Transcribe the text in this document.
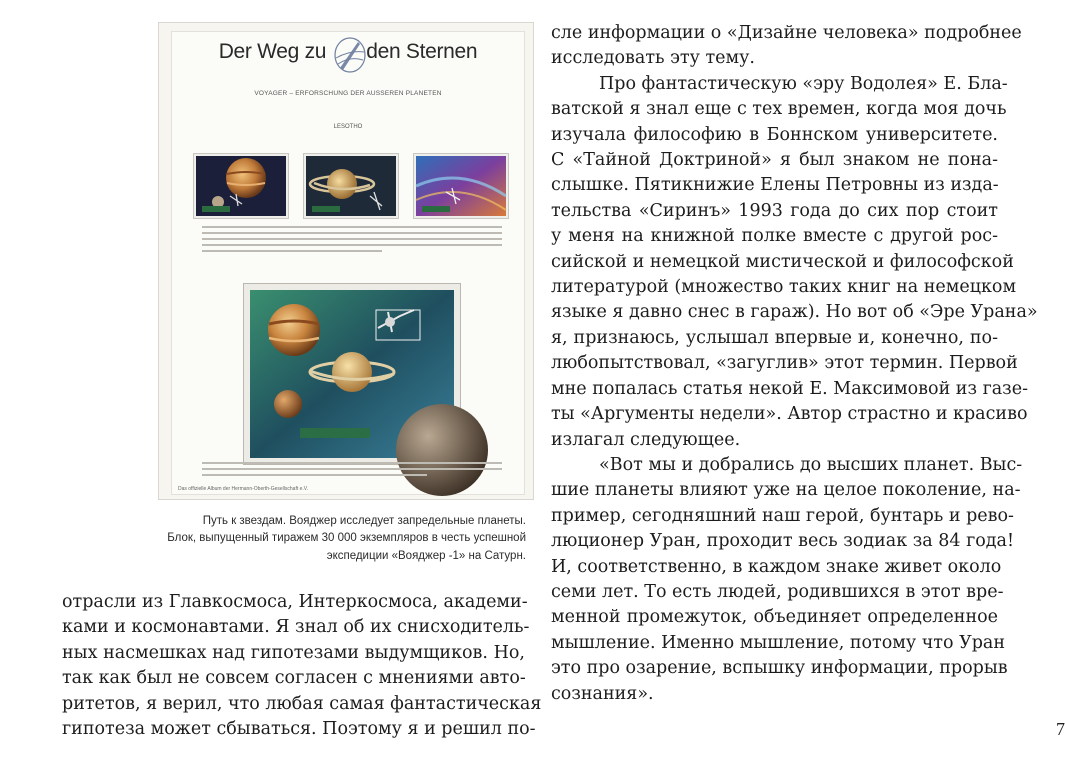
Der Weg zu den Sternen
VOYAGER – ERFORSCHUNG DER AUSSEREN PLANETEN
LESOTHO
Das offizielle Album der Hermann-Oberth-Gesellschaft e.V.
Путь к звездам. Вояджер исследует запредельные планеты.
Блок, выпущенный тиражем 30 000 экземпляров в честь успешной
экспедиции «Вояджер -1» на Сатурн.
отрасли из Главкосмоса, Интеркосмоса, академи-
ками и космонавтами. Я знал об их снисходитель-
ных насмешках над гипотезами выдумщиков. Но,
так как был не совсем согласен с мнениями авто-
ритетов, я верил, что любая самая фантастическая
гипотеза может сбываться. Поэтому я и решил по-
сле информации о «Дизайне человека» подробнее
исследовать эту тему.
Про фантастическую «эру Водолея» Е. Бла-
ватской я знал еще с тех времен, когда моя дочь
изучала философию в Боннском университете.
С «Тайной Доктриной» я был знаком не пона-
слышке. Пятикнижие Елены Петровны из изда-
тельства «Сиринъ» 1993 года до сих пор стоит
у меня на книжной полке вместе с другой рос-
сийской и немецкой мистической и философской
литературой (множество таких книг на немецком
языке я давно снес в гараж). Но вот об «Эре Урана»
я, признаюсь, услышал впервые и, конечно, по-
любопытствовал, «загуглив» этот термин. Первой
мне попалась статья некой Е. Максимовой из газе-
ты «Аргументы недели». Автор страстно и красиво
излагал следующее.
«Вот мы и добрались до высших планет. Выс-
шие планеты влияют уже на целое поколение, на-
пример, сегодняшний наш герой, бунтарь и рево-
люционер Уран, проходит весь зодиак за 84 года!
И, соответственно, в каждом знаке живет около
семи лет. То есть людей, родившихся в этот вре-
менной промежуток, объединяет определенное
мышление. Именно мышление, потому что Уран
это про озарение, вспышку информации, прорыв
сознания».
7
